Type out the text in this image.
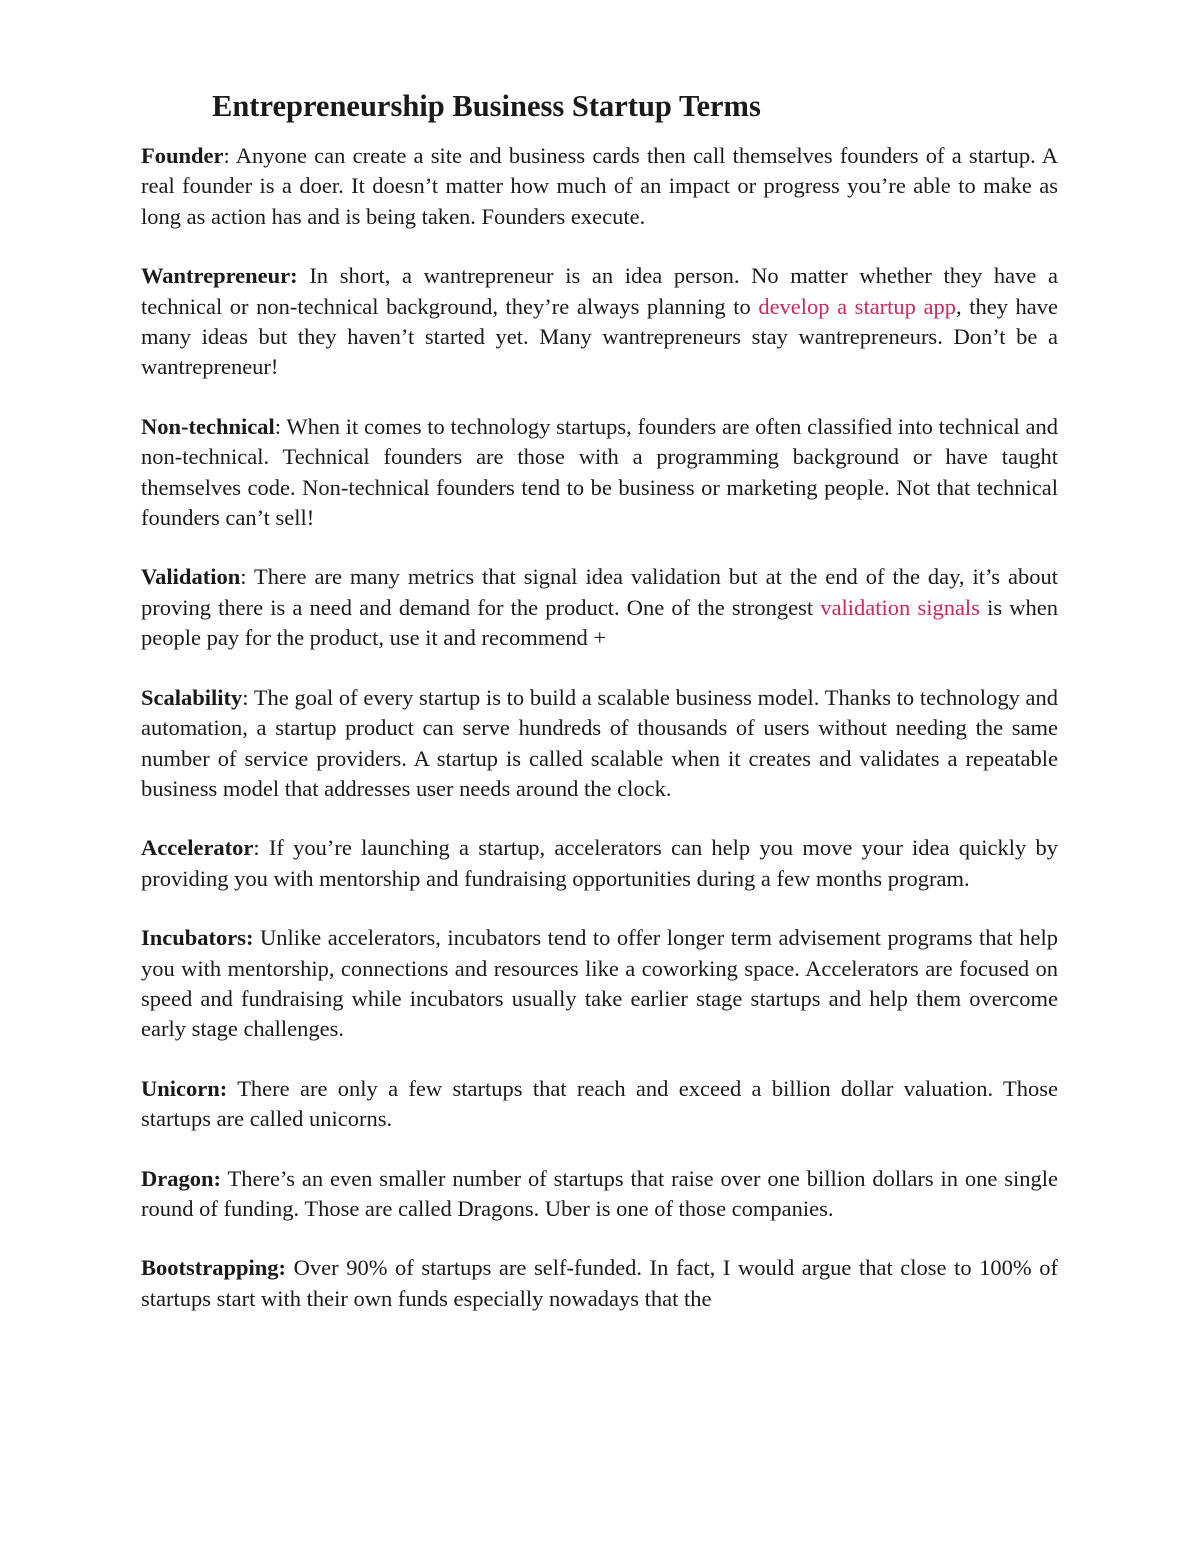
Entrepreneurship Business Startup Terms

Founder: Anyone can create a site and business cards then call themselves founders of a startup. A real founder is a doer. It doesn’t matter how much of an impact or progress you’re able to make as long as action has and is being taken. Founders execute.

Wantrepreneur: In short, a wantrepreneur is an idea person. No matter whether they have a technical or non-technical background, they’re always planning to develop a startup app, they have many ideas but they haven’t started yet. Many wantrepreneurs stay wantrepreneurs. Don’t be a wantrepreneur!

Non-technical: When it comes to technology startups, founders are often classified into technical and non-technical. Technical founders are those with a programming background or have taught themselves code. Non-technical founders tend to be business or marketing people. Not that technical founders can’t sell!

Validation: There are many metrics that signal idea validation but at the end of the day, it’s about proving there is a need and demand for the product. One of the strongest validation signals is when people pay for the product, use it and recommend +

Scalability: The goal of every startup is to build a scalable business model. Thanks to technology and automation, a startup product can serve hundreds of thousands of users without needing the same number of service providers. A startup is called scalable when it creates and validates a repeatable business model that addresses user needs around the clock.

Accelerator: If you’re launching a startup, accelerators can help you move your idea quickly by providing you with mentorship and fundraising opportunities during a few months program.

Incubators: Unlike accelerators, incubators tend to offer longer term advisement programs that help you with mentorship, connections and resources like a coworking space. Accelerators are focused on speed and fundraising while incubators usually take earlier stage startups and help them overcome early stage challenges.

Unicorn: There are only a few startups that reach and exceed a billion dollar valuation. Those startups are called unicorns.

Dragon: There’s an even smaller number of startups that raise over one billion dollars in one single round of funding. Those are called Dragons. Uber is one of those companies.

Bootstrapping: Over 90% of startups are self-funded. In fact, I would argue that close to 100% of startups start with their own funds especially nowadays that the
